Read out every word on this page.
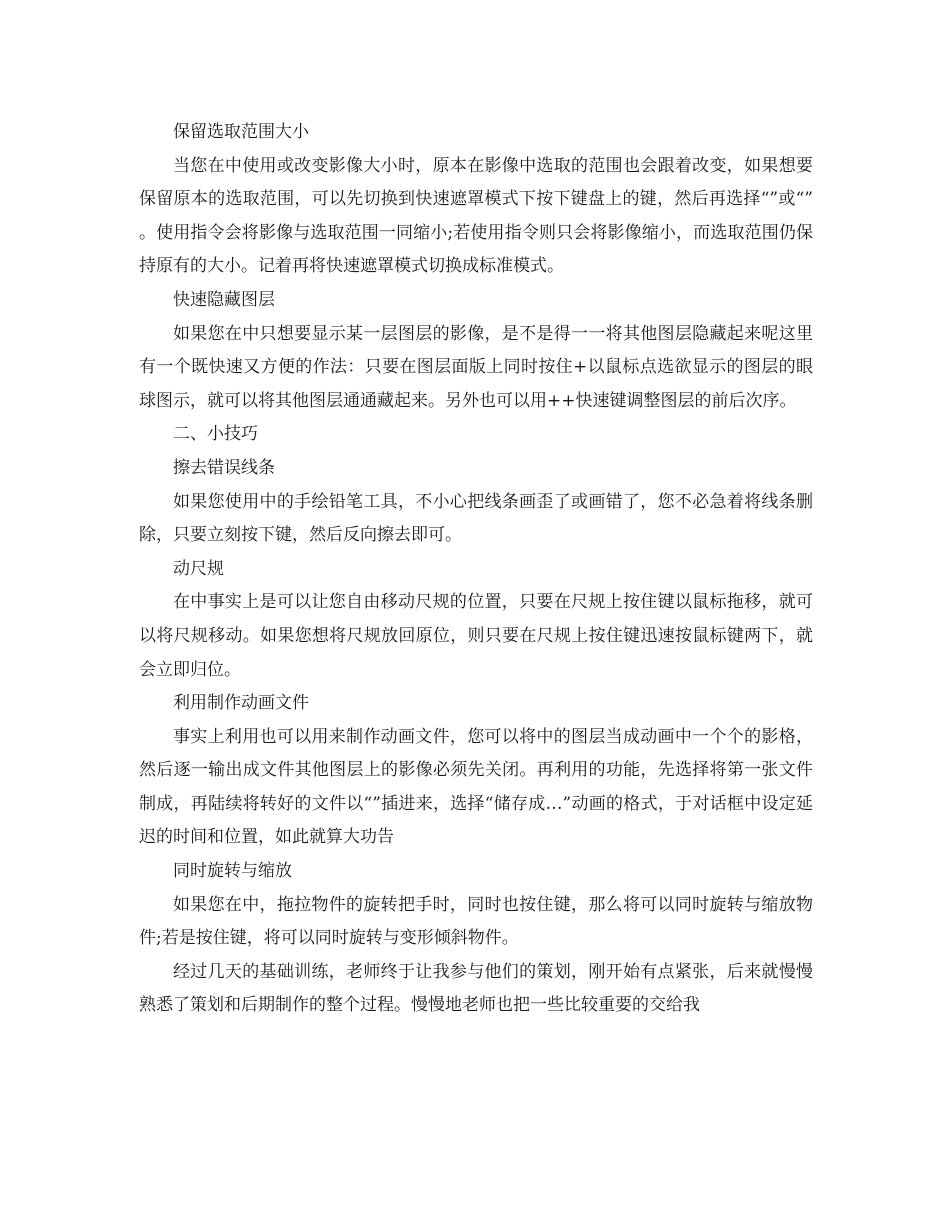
保留选取范围大小

当您在中使用或改变影像大小时，原本在影像中选取的范围也会跟着改变，如果想要保留原本的选取范围，可以先切换到快速遮罩模式下按下键盘上的键，然后再选择“”或“”。使用指令会将影像与选取范围一同缩小;若使用指令则只会将影像缩小，而选取范围仍保持原有的大小。记着再将快速遮罩模式切换成标准模式。

快速隐藏图层

如果您在中只想要显示某一层图层的影像，是不是得一一将其他图层隐藏起来呢这里有一个既快速又方便的作法：只要在图层面版上同时按住+以鼠标点选欲显示的图层的眼球图示，就可以将其他图层通通藏起来。另外也可以用++快速键调整图层的前后次序。

二、小技巧

擦去错误线条

如果您使用中的手绘铅笔工具，不小心把线条画歪了或画错了，您不必急着将线条删除，只要立刻按下键，然后反向擦去即可。

动尺规

在中事实上是可以让您自由移动尺规的位置，只要在尺规上按住键以鼠标拖移，就可以将尺规移动。如果您想将尺规放回原位，则只要在尺规上按住键迅速按鼠标键两下，就会立即归位。

利用制作动画文件

事实上利用也可以用来制作动画文件，您可以将中的图层当成动画中一个个的影格，然后逐一输出成文件其他图层上的影像必须先关闭。再利用的功能，先选择将第一张文件制成，再陆续将转好的文件以“”插进来，选择“储存成…”动画的格式，于对话框中设定延迟的时间和位置，如此就算大功告

同时旋转与缩放

如果您在中，拖拉物件的旋转把手时，同时也按住键，那么将可以同时旋转与缩放物件;若是按住键，将可以同时旋转与变形倾斜物件。

经过几天的基础训练，老师终于让我参与他们的策划，刚开始有点紧张，后来就慢慢熟悉了策划和后期制作的整个过程。慢慢地老师也把一些比较重要的交给我
